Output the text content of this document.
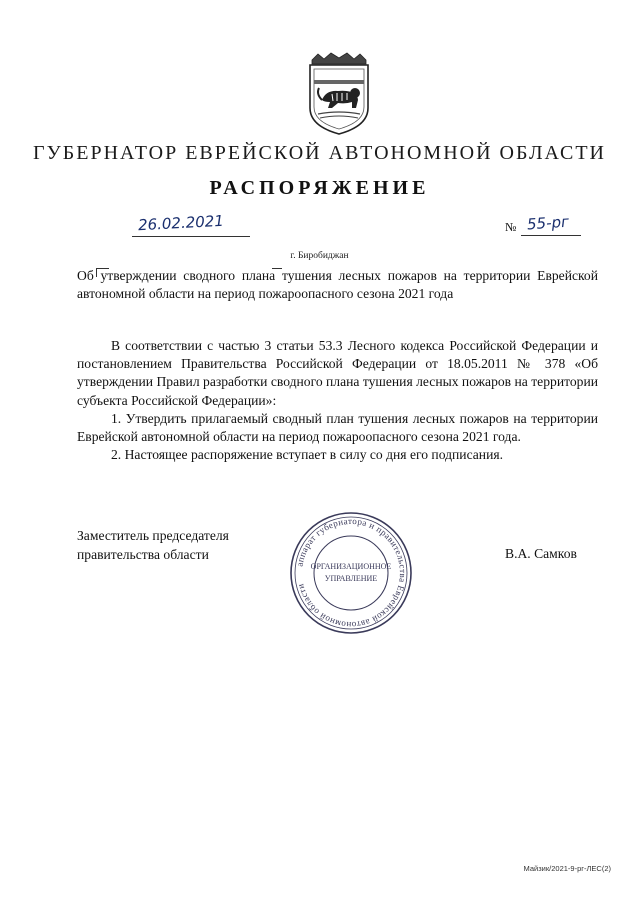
ГУБЕРНАТОР ЕВРЕЙСКОЙ АВТОНОМНОЙ ОБЛАСТИ
РАСПОРЯЖЕНИЕ
26.02.2021	№ 55-рг
г. Биробиджан
Об утверждении сводного плана тушения лесных пожаров на территории Еврейской автономной области на период пожароопасного сезона 2021 года

В соответствии с частью 3 статьи 53.3 Лесного кодекса Российской Федерации и постановлением Правительства Российской Федерации от 18.05.2011 № 378 «Об утверждении Правил разработки сводного плана тушения лесных пожаров на территории субъекта Российской Федерации»:

1. Утвердить прилагаемый сводный план тушения лесных пожаров на территории Еврейской автономной области на период пожароопасного сезона 2021 года.

2. Настоящее распоряжение вступает в силу со дня его подписания.

Заместитель председателя
правительства области	В.А. Самков
аппарат губернатора и правительства Еврейской автономной области
ОРГАНИЗАЦИОННОЕ
УПРАВЛЕНИЕ
Майзик/2021-9-рг-ЛЕС(2)
